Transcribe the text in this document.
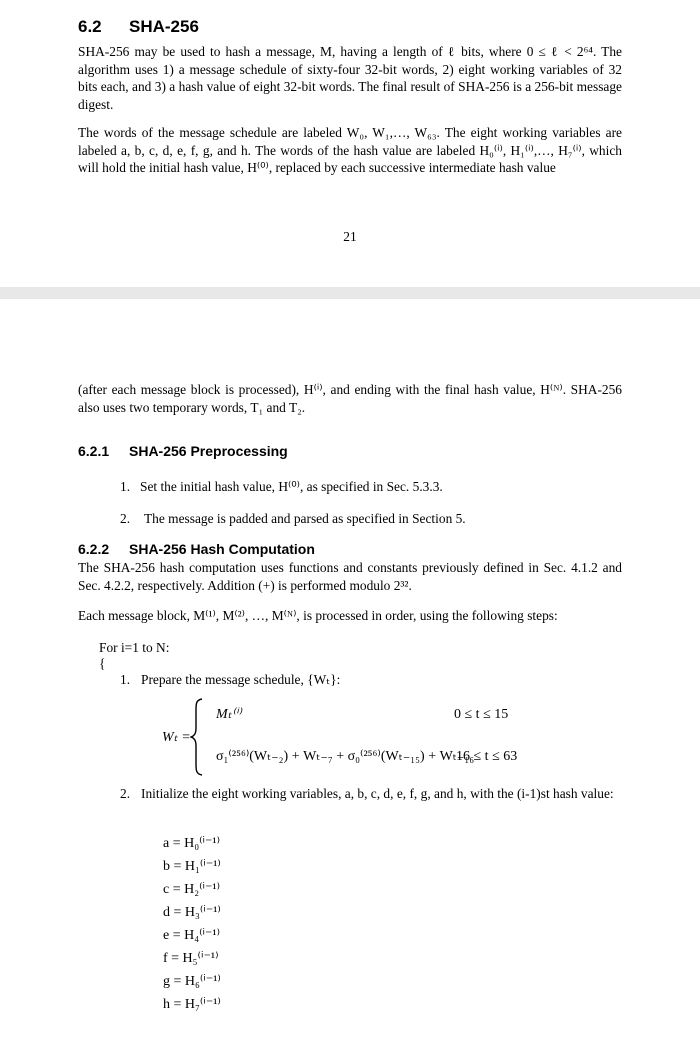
6.2 SHA-256
SHA-256 may be used to hash a message, M, having a length of ℓ bits, where 0 ≤ ℓ < 2⁶⁴. The algorithm uses 1) a message schedule of sixty-four 32-bit words, 2) eight working variables of 32 bits each, and 3) a hash value of eight 32-bit words. The final result of SHA-256 is a 256-bit message digest.
The words of the message schedule are labeled W₀, W₁,…, W₆₃. The eight working variables are labeled a, b, c, d, e, f, g, and h. The words of the hash value are labeled H₀⁽ⁱ⁾, H₁⁽ⁱ⁾,…, H₇⁽ⁱ⁾, which will hold the initial hash value, H⁽⁰⁾, replaced by each successive intermediate hash value
21
(after each message block is processed), H⁽ⁱ⁾, and ending with the final hash value, H⁽ᴺ⁾. SHA-256 also uses two temporary words, T₁ and T₂.
6.2.1 SHA-256 Preprocessing
1. Set the initial hash value, H⁽⁰⁾, as specified in Sec. 5.3.3.
2. The message is padded and parsed as specified in Section 5.
6.2.2 SHA-256 Hash Computation
The SHA-256 hash computation uses functions and constants previously defined in Sec. 4.1.2 and Sec. 4.2.2, respectively. Addition (+) is performed modulo 2³².
Each message block, M⁽¹⁾, M⁽²⁾, …, M⁽ᴺ⁾, is processed in order, using the following steps:
For i=1 to N:
{
1. Prepare the message schedule, {Wₜ}:
Wₜ =
Mₜ⁽ⁱ⁾	0 ≤ t ≤ 15
σ₁⁽²⁵⁶⁾(Wₜ₋₂) + Wₜ₋₇ + σ₀⁽²⁵⁶⁾(Wₜ₋₁₅) + Wₜ₋₁₆
16 ≤ t ≤ 63
2. Initialize the eight working variables, a, b, c, d, e, f, g, and h, with the (i-1)st hash value:
a = H₀⁽ⁱ⁻¹⁾
b = H₁⁽ⁱ⁻¹⁾
c = H₂⁽ⁱ⁻¹⁾
d = H₃⁽ⁱ⁻¹⁾
e = H₄⁽ⁱ⁻¹⁾
f = H₅⁽ⁱ⁻¹⁾
g = H₆⁽ⁱ⁻¹⁾
h = H₇⁽ⁱ⁻¹⁾
